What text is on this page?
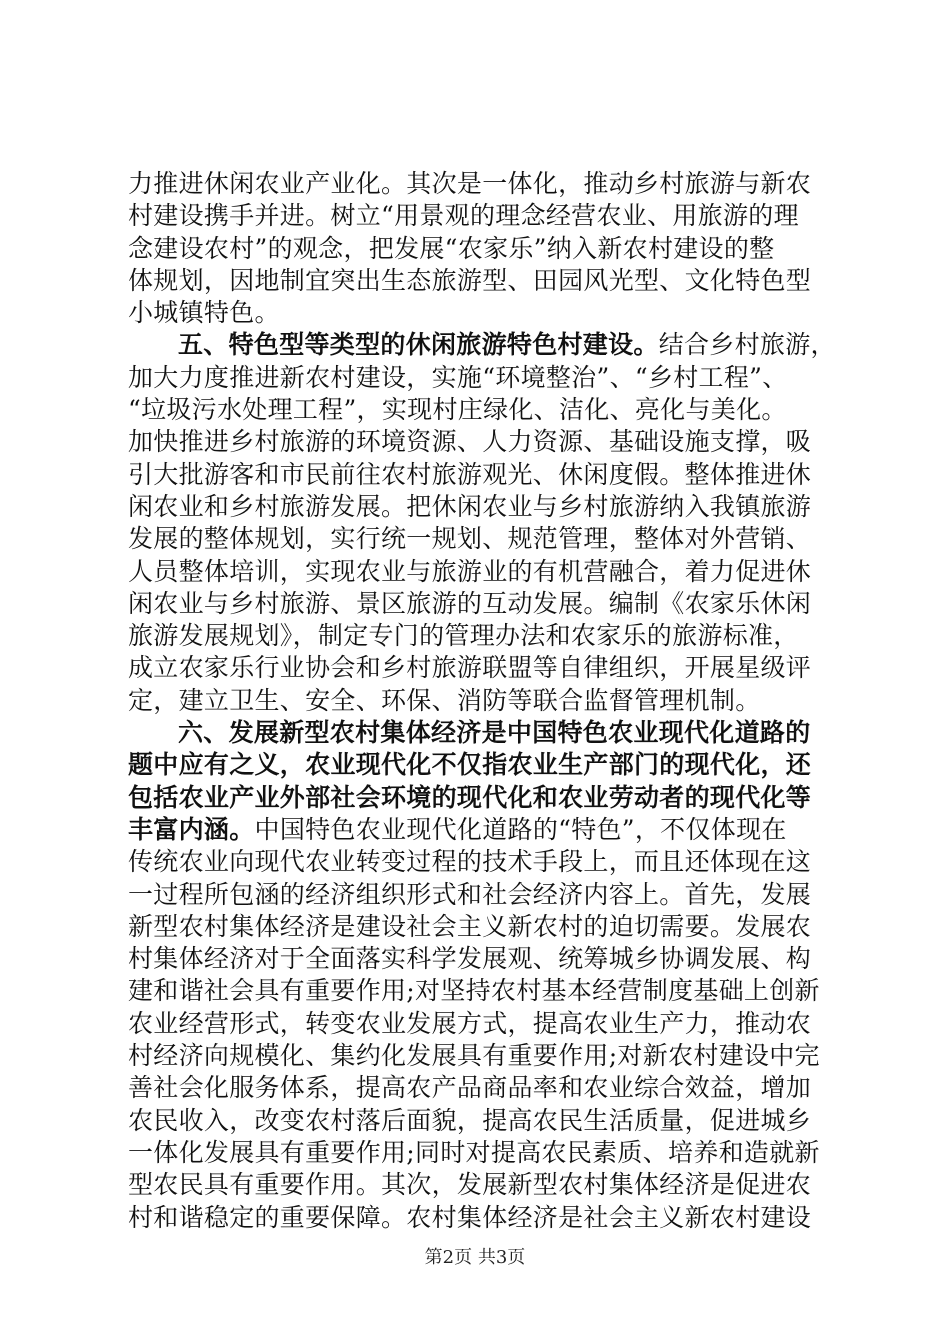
力推进休闲农业产业化。其次是一体化，推动乡村旅游与新农
村建设携手并进。树立“用景观的理念经营农业、用旅游的理
念建设农村”的观念，把发展“农家乐”纳入新农村建设的整
体规划，因地制宜突出生态旅游型、田园风光型、文化特色型
小城镇特色。
五、特色型等类型的休闲旅游特色村建设。结合乡村旅游，
加大力度推进新农村建设，实施“环境整治”、“乡村工程”、
“垃圾污水处理工程”，实现村庄绿化、洁化、亮化与美化。
加快推进乡村旅游的环境资源、人力资源、基础设施支撑，吸
引大批游客和市民前往农村旅游观光、休闲度假。整体推进休
闲农业和乡村旅游发展。把休闲农业与乡村旅游纳入我镇旅游
发展的整体规划，实行统一规划、规范管理，整体对外营销、
人员整体培训，实现农业与旅游业的有机营融合，着力促进休
闲农业与乡村旅游、景区旅游的互动发展。编制《农家乐休闲
旅游发展规划》，制定专门的管理办法和农家乐的旅游标准，
成立农家乐行业协会和乡村旅游联盟等自律组织，开展星级评
定，建立卫生、安全、环保、消防等联合监督管理机制。
六、发展新型农村集体经济是中国特色农业现代化道路的
题中应有之义，农业现代化不仅指农业生产部门的现代化，还
包括农业产业外部社会环境的现代化和农业劳动者的现代化等
丰富内涵。中国特色农业现代化道路的“特色”，不仅体现在
传统农业向现代农业转变过程的技术手段上，而且还体现在这
一过程所包涵的经济组织形式和社会经济内容上。首先，发展
新型农村集体经济是建设社会主义新农村的迫切需要。发展农
村集体经济对于全面落实科学发展观、统筹城乡协调发展、构
建和谐社会具有重要作用;对坚持农村基本经营制度基础上创新
农业经营形式，转变农业发展方式，提高农业生产力，推动农
村经济向规模化、集约化发展具有重要作用;对新农村建设中完
善社会化服务体系，提高农产品商品率和农业综合效益，增加
农民收入，改变农村落后面貌，提高农民生活质量，促进城乡
一体化发展具有重要作用;同时对提高农民素质、培养和造就新
型农民具有重要作用。其次，发展新型农村集体经济是促进农
村和谐稳定的重要保障。农村集体经济是社会主义新农村建设
第2页 共3页
